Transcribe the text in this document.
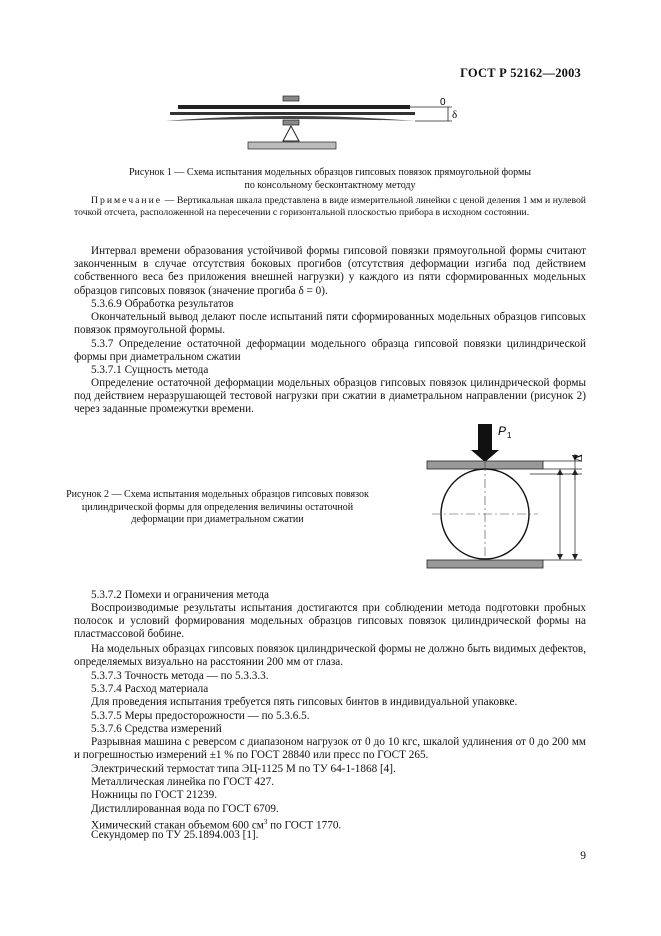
ГОСТ Р 52162—2003
0
δ
Рисунок 1 — Схема испытания модельных образцов гипсовых повязок прямоугольной формы
по консольному бесконтактному методу
Примечание — Вертикальная шкала представлена в виде измерительной линейки с ценой деления 1 мм и нулевой точкой отсчета, расположенной на пересечении с горизонтальной плоскостью прибора в исходном состоянии.
Интервал времени образования устойчивой формы гипсовой повязки прямоугольной формы считают законченным в случае отсутствия боковых прогибов (отсутствия деформации изгиба под действием собственного веса без приложения внешней нагрузки) у каждого из пяти сформированных модельных образцов гипсовых повязок (значение прогиба δ = 0).
5.3.6.9 Обработка результатов
Окончательный вывод делают после испытаний пяти сформированных модельных образцов гипсовых повязок прямоугольной формы.
5.3.7 Определение остаточной деформации модельного образца гипсовой повязки цилиндрической формы при диаметральном сжатии
5.3.7.1 Сущность метода
Определение остаточной деформации модельных образцов гипсовых повязок цилиндрической формы под действием неразрушающей тестовой нагрузки при сжатии в диаметральном направлении (рисунок 2) через заданные промежутки времени.
P 1
Δ
Рисунок 2 — Схема испытания модельных образцов гипсовых повязок
цилиндрической формы для определения величины остаточной
деформации при диаметральном сжатии
5.3.7.2 Помехи и ограничения метода
Воспроизводимые результаты испытания достигаются при соблюдении метода подготовки пробных полосок и условий формирования модельных образцов гипсовых повязок цилиндрической формы на пластмассовой бобине.
На модельных образцах гипсовых повязок цилиндрической формы не должно быть видимых дефектов, определяемых визуально на расстоянии 200 мм от глаза.
5.3.7.3 Точность метода — по 5.3.3.3.
5.3.7.4 Расход материала
Для проведения испытания требуется пять гипсовых бинтов в индивидуальной упаковке.
5.3.7.5 Меры предосторожности — по 5.3.6.5.
5.3.7.6 Средства измерений
Разрывная машина с реверсом с диапазоном нагрузок от 0 до 10 кгс, шкалой удлинения от 0 до 200 мм и погрешностью измерений ±1 % по ГОСТ 28840 или пресс по ГОСТ 265.
Электрический термостат типа ЭЦ-1125 М по ТУ 64-1-1868 [4].
Металлическая линейка по ГОСТ 427.
Ножницы по ГОСТ 21239.
Дистиллированная вода по ГОСТ 6709.
Химический стакан объемом 600 $см^3$ по ГОСТ 1770.
Секундомер по ТУ 25.1894.003 [1].
9
